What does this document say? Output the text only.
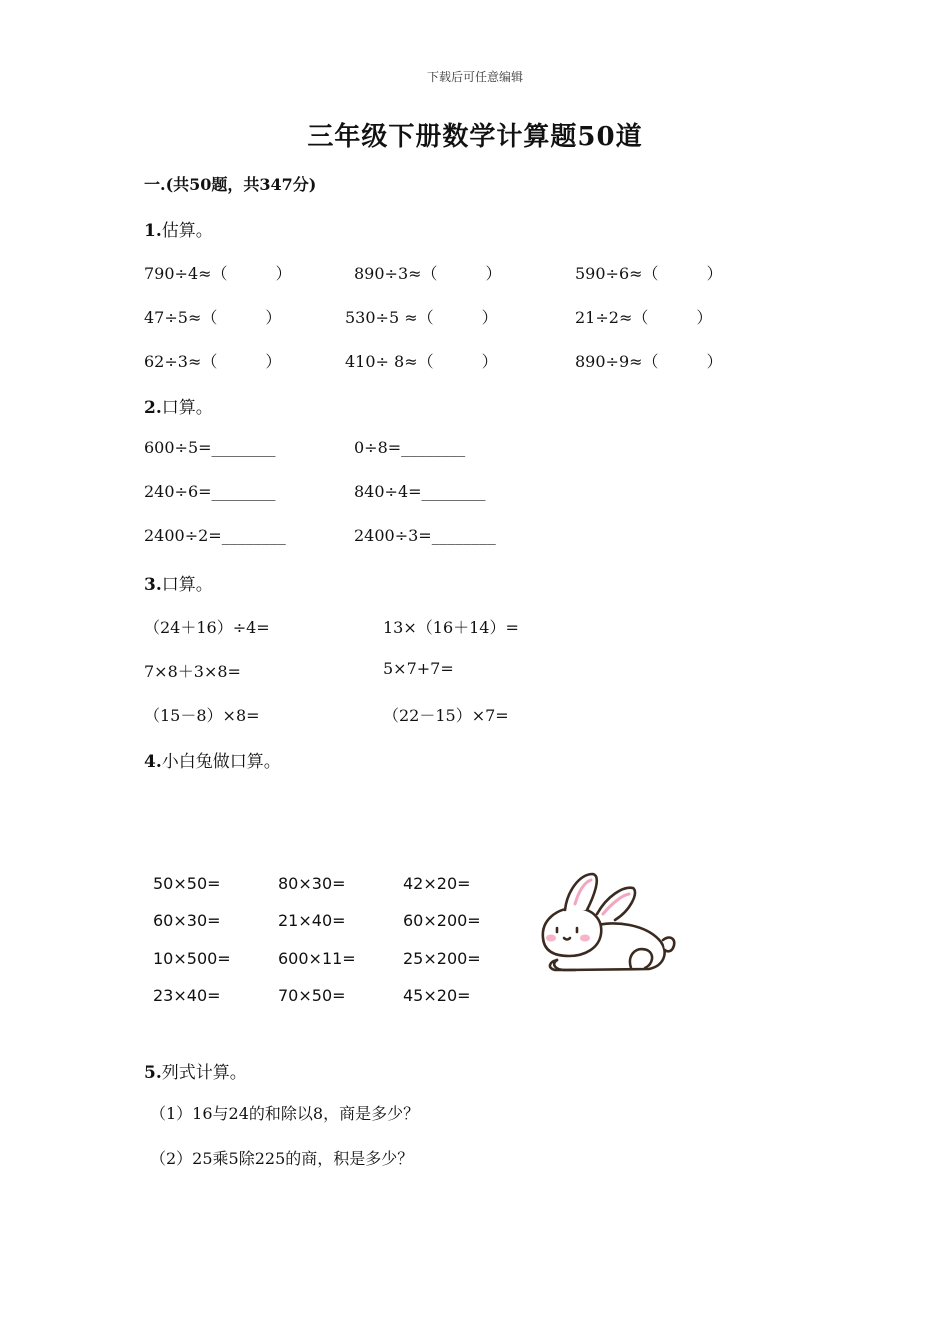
下载后可任意编辑
三年级下册数学计算题50道
一.(共50题，共347分)
1.估算。
790÷4≈（　　　）	890÷3≈（　　　）	590÷6≈（　　　）
47÷5≈（　　　）	530÷5 ≈（　　　）	21÷2≈（　　　）
62÷3≈（　　　）	410÷ 8≈（　　　）	890÷9≈（　　　）
2.口算。
600÷5=________	0÷8=________
240÷6=________	840÷4=________
2400÷2=________	2400÷3=________
3.口算。
（24＋16）÷4=	13×（16＋14）=
7×8＋3×8=	5×7+7=
（15－8）×8=	（22－15）×7=
4.小白兔做口算。
50×50=	80×30=	42×20=
60×30=	21×40=	60×200=
10×500=	600×11=	25×200=
23×40=	70×50=	45×20=
5.列式计算。
（1）16与24的和除以8，商是多少？
（2）25乘5除225的商，积是多少？
